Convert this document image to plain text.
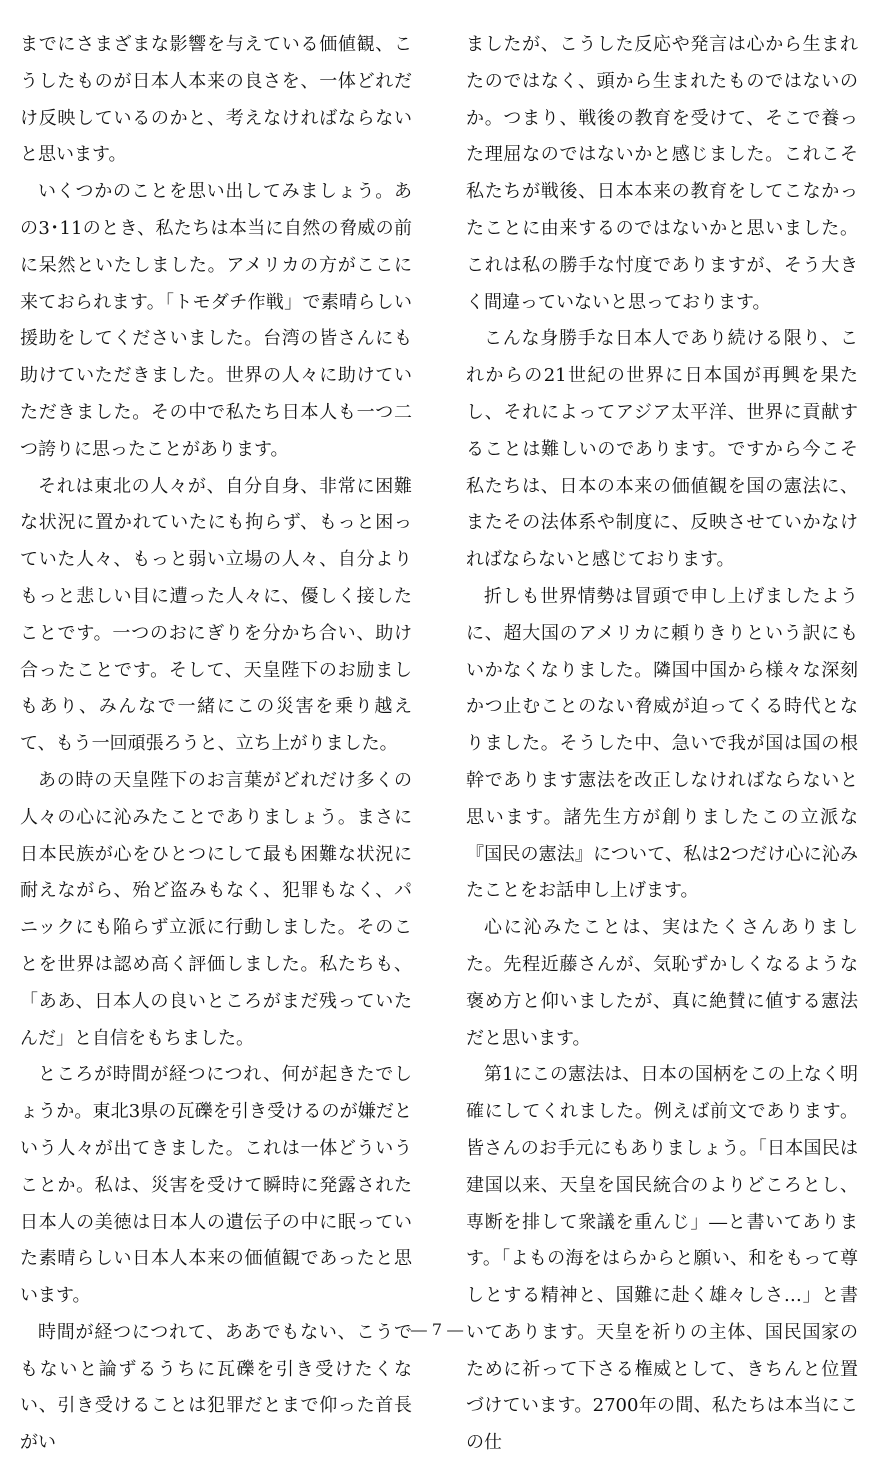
までにさまざまな影響を与えている価値観、こうしたものが日本人本来の良さを、一体どれだけ反映しているのかと、考えなければならないと思います。

いくつかのことを思い出してみましょう。あの3･11のとき、私たちは本当に自然の脅威の前に呆然といたしました。アメリカの方がここに来ておられます。「トモダチ作戦」で素晴らしい援助をしてくださいました。台湾の皆さんにも助けていただきました。世界の人々に助けていただきました。その中で私たち日本人も一つ二つ誇りに思ったことがあります。

それは東北の人々が、自分自身、非常に困難な状況に置かれていたにも拘らず、もっと困っていた人々、もっと弱い立場の人々、自分よりもっと悲しい目に遭った人々に、優しく接したことです。一つのおにぎりを分かち合い、助け合ったことです。そして、天皇陛下のお励ましもあり、みんなで一緒にこの災害を乗り越えて、もう一回頑張ろうと、立ち上がりました。

あの時の天皇陛下のお言葉がどれだけ多くの人々の心に沁みたことでありましょう。まさに日本民族が心をひとつにして最も困難な状況に耐えながら、殆ど盗みもなく、犯罪もなく、パニックにも陥らず立派に行動しました。そのことを世界は認め高く評価しました。私たちも、「ああ、日本人の良いところがまだ残っていたんだ」と自信をもちました。

ところが時間が経つにつれ、何が起きたでしょうか。東北3県の瓦礫を引き受けるのが嫌だという人々が出てきました。これは一体どういうことか。私は、災害を受けて瞬時に発露された日本人の美徳は日本人の遺伝子の中に眠っていた素晴らしい日本人本来の価値観であったと思います。

時間が経つにつれて、ああでもない、こうでもないと論ずるうちに瓦礫を引き受けたくない、引き受けることは犯罪だとまで仰った首長がい

ましたが、こうした反応や発言は心から生まれたのではなく、頭から生まれたものではないのか。つまり、戦後の教育を受けて、そこで養った理屈なのではないかと感じました。これこそ私たちが戦後、日本本来の教育をしてこなかったことに由来するのではないかと思いました。これは私の勝手な忖度でありますが、そう大きく間違っていないと思っております。

こんな身勝手な日本人であり続ける限り、これからの21世紀の世界に日本国が再興を果たし、それによってアジア太平洋、世界に貢献することは難しいのであります。ですから今こそ私たちは、日本の本来の価値観を国の憲法に、またその法体系や制度に、反映させていかなければならないと感じております。

折しも世界情勢は冒頭で申し上げましたように、超大国のアメリカに頼りきりという訳にもいかなくなりました。隣国中国から様々な深刻かつ止むことのない脅威が迫ってくる時代となりました。そうした中、急いで我が国は国の根幹であります憲法を改正しなければならないと思います。諸先生方が創りましたこの立派な『国民の憲法』について、私は2つだけ心に沁みたことをお話申し上げます。

心に沁みたことは、実はたくさんありました。先程近藤さんが、気恥ずかしくなるような褒め方と仰いましたが、真に絶賛に値する憲法だと思います。

第1にこの憲法は、日本の国柄をこの上なく明確にしてくれました。例えば前文であります。皆さんのお手元にもありましょう。「日本国民は建国以来、天皇を国民統合のよりどころとし、専断を排して衆議を重んじ」―と書いてあります。「よもの海をはらからと願い、和をもって尊しとする精神と、国難に赴く雄々しさ…」と書いてあります。天皇を祈りの主体、国民国家のために祈って下さる権威として、きちんと位置づけています。2700年の間、私たちは本当にこの仕

― 7 ―
